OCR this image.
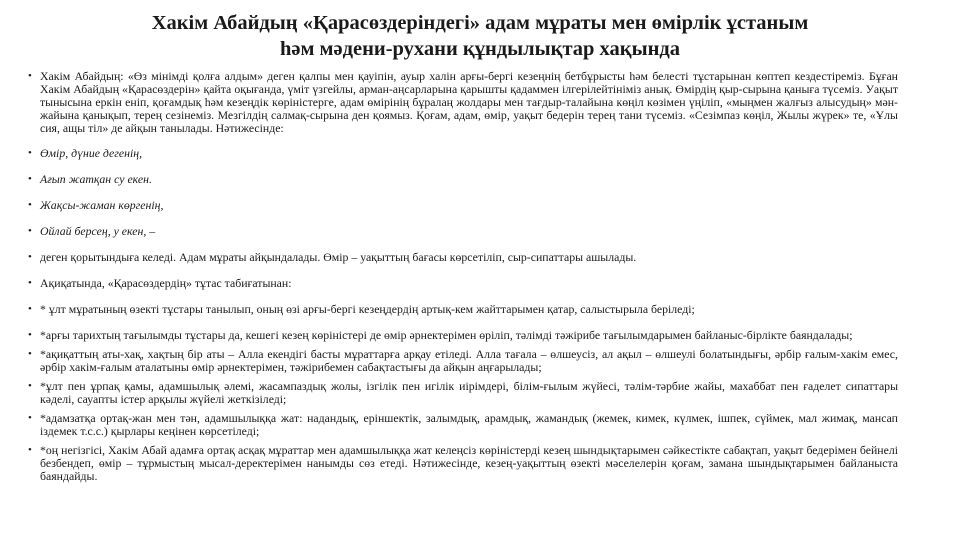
Хакім Абайдың «Қарасөздеріндегі» адам мұраты мен өмірлік ұстаным
һәм мәдени-рухани құндылықтар хақында
• Хакім Абайдың: «Өз мінімді қолға алдым» деген қалпы мен қауіпін, ауыр халін арғы-бергі кезеңнің бетбұрысты һәм белесті тұстарынан көптеп кездестіреміз. Бұған Хакім Абайдың «Қарасөздерін» қайта оқығанда, үміт үзгейлы, арман-аңсарларына қарышты қадаммен ілгерілейтініміз анық. Өмірдің қыр-сырына қанығa түсеміз. Уақыт тынысына еркін еніп, қоғамдық һәм кезеңдік көріністерге, адам өмірінің бұралаң жолдары мен тағдыр-талайына көңіл көзімен үңіліп, «мыңмен жалғыз алысудың» мән-жайына қанықып, терең сезінеміз. Мезгілдің салмақ-сырына ден қоямыз. Қоғам, адам, өмір, уақыт бедерін терең тани түсеміз. «Сезімпаз көңіл, Жылы жүрек» те, «Ұлы сия, ащы тіл» де айқын танылады. Нәтижесінде:
• Өмір, дүние дегенің,
• Ағып жатқан су екен.
• Жақсы-жаман көргенің,
• Ойлай берсең, у екен, –
• деген қорытындыға келеді. Адам мұраты айқындалады. Өмір – уақыттың бағасы көрсетіліп, сыр-сипаттары ашылады.
• Ақиқатында, «Қарасөздердің» тұтас табиғатынан:
• * ұлт мұратының өзекті тұстары танылып, оның өзі арғы-бергі кезеңдердің артық-кем жайттарымен қатар, салыстырыла беріледі;
• *арғы тарихтың тағылымды тұстары да, кешегі кезең көріністері де өмір әрнектерімен өріліп, тәлімді тәжірибе тағылымдарымен байланыс-бірлікте баяндалады;
• *ақиқаттың аты-хақ, хақтың бір аты – Алла екендігі басты мұраттарға арқау етіледі. Алла тағала – өлшеусіз, ал ақыл – өлшеулі болатындығы, әрбір ғалым-хакім емес, әрбір хакім-ғалым аталатыны өмір әрнектерімен, тәжірибемен сабақтастығы да айқын аңғарылады;
• *ұлт пен ұрпақ қамы, адамшылық әлемі, жасампаздық жолы, ізгілік пен игілік иірімдері, білім-ғылым жүйесі, тәлім-тәрбие жайы, махаббат пен ғаделет сипаттары кәделі, сауапты істер арқылы жүйелі жеткізіледі;
• *адамзатқа ортақ-жан мен тән, адамшылыққа жат: надандық, еріншектік, залымдық, арамдық, жамандық (жемек, кимек, күлмек, ішпек, сүймек, мал жимақ, мансап іздемек т.с.с.) қырлары кеңінен көрсетіледі;
• *оң негізгісі, Хакім Абай адамға ортақ асқақ мұраттар мен адамшылыққа жат келеңсіз көріністерді кезең шындықтарымен сәйкестікте сабақтап, уақыт бедерімен бейнелі безбендеп, өмір – тұрмыстың мысал-деректерімен нанымды сөз етеді. Нәтижесінде, кезең-уақыттың өзекті мәселелерін қоғам, замана шындықтарымен байланыста баяндайды.
